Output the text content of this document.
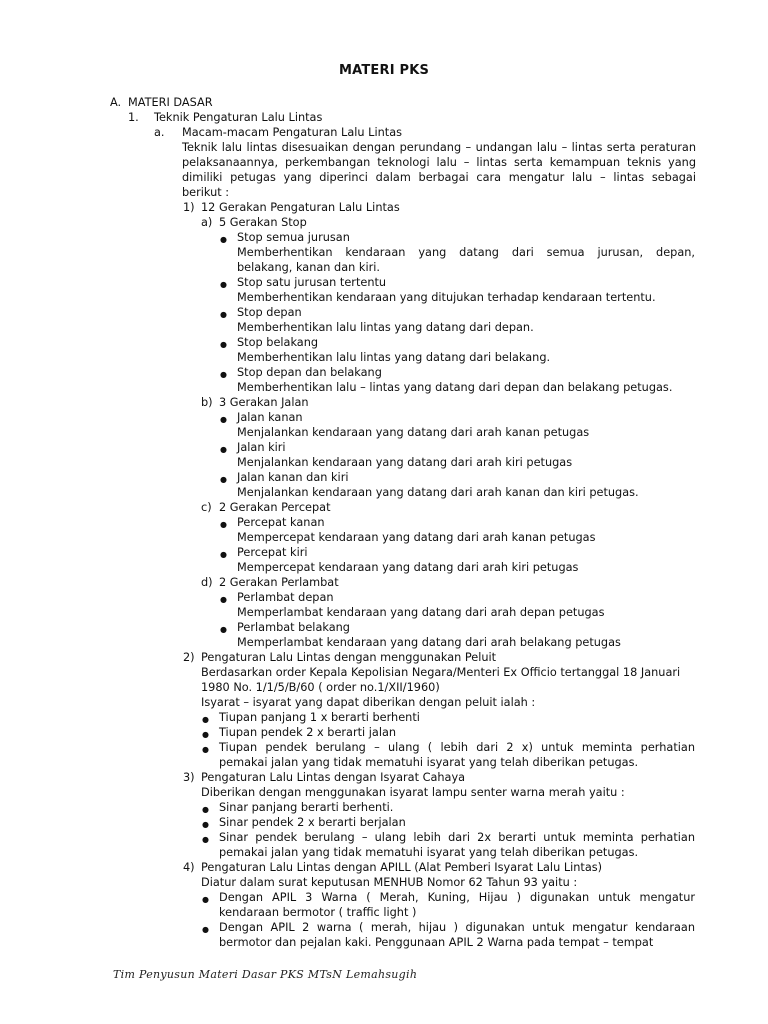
MATERI PKS
A. MATERI DASAR
1. Teknik Pengaturan Lalu Lintas
a. Macam-macam Pengaturan Lalu Lintas
Teknik lalu lintas disesuaikan dengan perundang – undangan lalu – lintas serta peraturan
pelaksanaannya, perkembangan teknologi lalu – lintas serta kemampuan teknis yang
dimiliki petugas yang diperinci dalam berbagai cara mengatur lalu – lintas sebagai
berikut :
1) 12 Gerakan Pengaturan Lalu Lintas
a) 5 Gerakan Stop
● Stop semua jurusan
Memberhentikan kendaraan yang datang dari semua jurusan, depan,
belakang, kanan dan kiri.
● Stop satu jurusan tertentu
Memberhentikan kendaraan yang ditujukan terhadap kendaraan tertentu.
● Stop depan
Memberhentikan lalu lintas yang datang dari depan.
● Stop belakang
Memberhentikan lalu lintas yang datang dari belakang.
● Stop depan dan belakang
Memberhentikan lalu – lintas yang datang dari depan dan belakang petugas.
b) 3 Gerakan Jalan
● Jalan kanan
Menjalankan kendaraan yang datang dari arah kanan petugas
● Jalan kiri
Menjalankan kendaraan yang datang dari arah kiri petugas
● Jalan kanan dan kiri
Menjalankan kendaraan yang datang dari arah kanan dan kiri petugas.
c) 2 Gerakan Percepat
● Percepat kanan
Mempercepat kendaraan yang datang dari arah kanan petugas
● Percepat kiri
Mempercepat kendaraan yang datang dari arah kiri petugas
d) 2 Gerakan Perlambat
● Perlambat depan
Memperlambat kendaraan yang datang dari arah depan petugas
● Perlambat belakang
Memperlambat kendaraan yang datang dari arah belakang petugas
2) Pengaturan Lalu Lintas dengan menggunakan Peluit
Berdasarkan order Kepala Kepolisian Negara/Menteri Ex Officio tertanggal 18 Januari
1980 No. 1/1/5/B/60 ( order no.1/XII/1960)
Isyarat – isyarat yang dapat diberikan dengan peluit ialah :
● Tiupan panjang 1 x berarti berhenti
● Tiupan pendek 2 x berarti jalan
● Tiupan pendek berulang – ulang ( lebih dari 2 x) untuk meminta perhatian
pemakai jalan yang tidak mematuhi isyarat yang telah diberikan petugas.
3) Pengaturan Lalu Lintas dengan Isyarat Cahaya
Diberikan dengan menggunakan isyarat lampu senter warna merah yaitu :
● Sinar panjang berarti berhenti.
● Sinar pendek 2 x berarti berjalan
● Sinar pendek berulang – ulang lebih dari 2x berarti untuk meminta perhatian
pemakai jalan yang tidak mematuhi isyarat yang telah diberikan petugas.
4) Pengaturan Lalu Lintas dengan APILL (Alat Pemberi Isyarat Lalu Lintas)
Diatur dalam surat keputusan MENHUB Nomor 62 Tahun 93 yaitu :
● Dengan APIL 3 Warna ( Merah, Kuning, Hijau ) digunakan untuk mengatur
kendaraan bermotor ( traffic light )
● Dengan APIL 2 warna ( merah, hijau ) digunakan untuk mengatur kendaraan
bermotor dan pejalan kaki. Penggunaan APIL 2 Warna pada tempat – tempat
Tim Penyusun Materi Dasar PKS MTsN Lemahsugih
